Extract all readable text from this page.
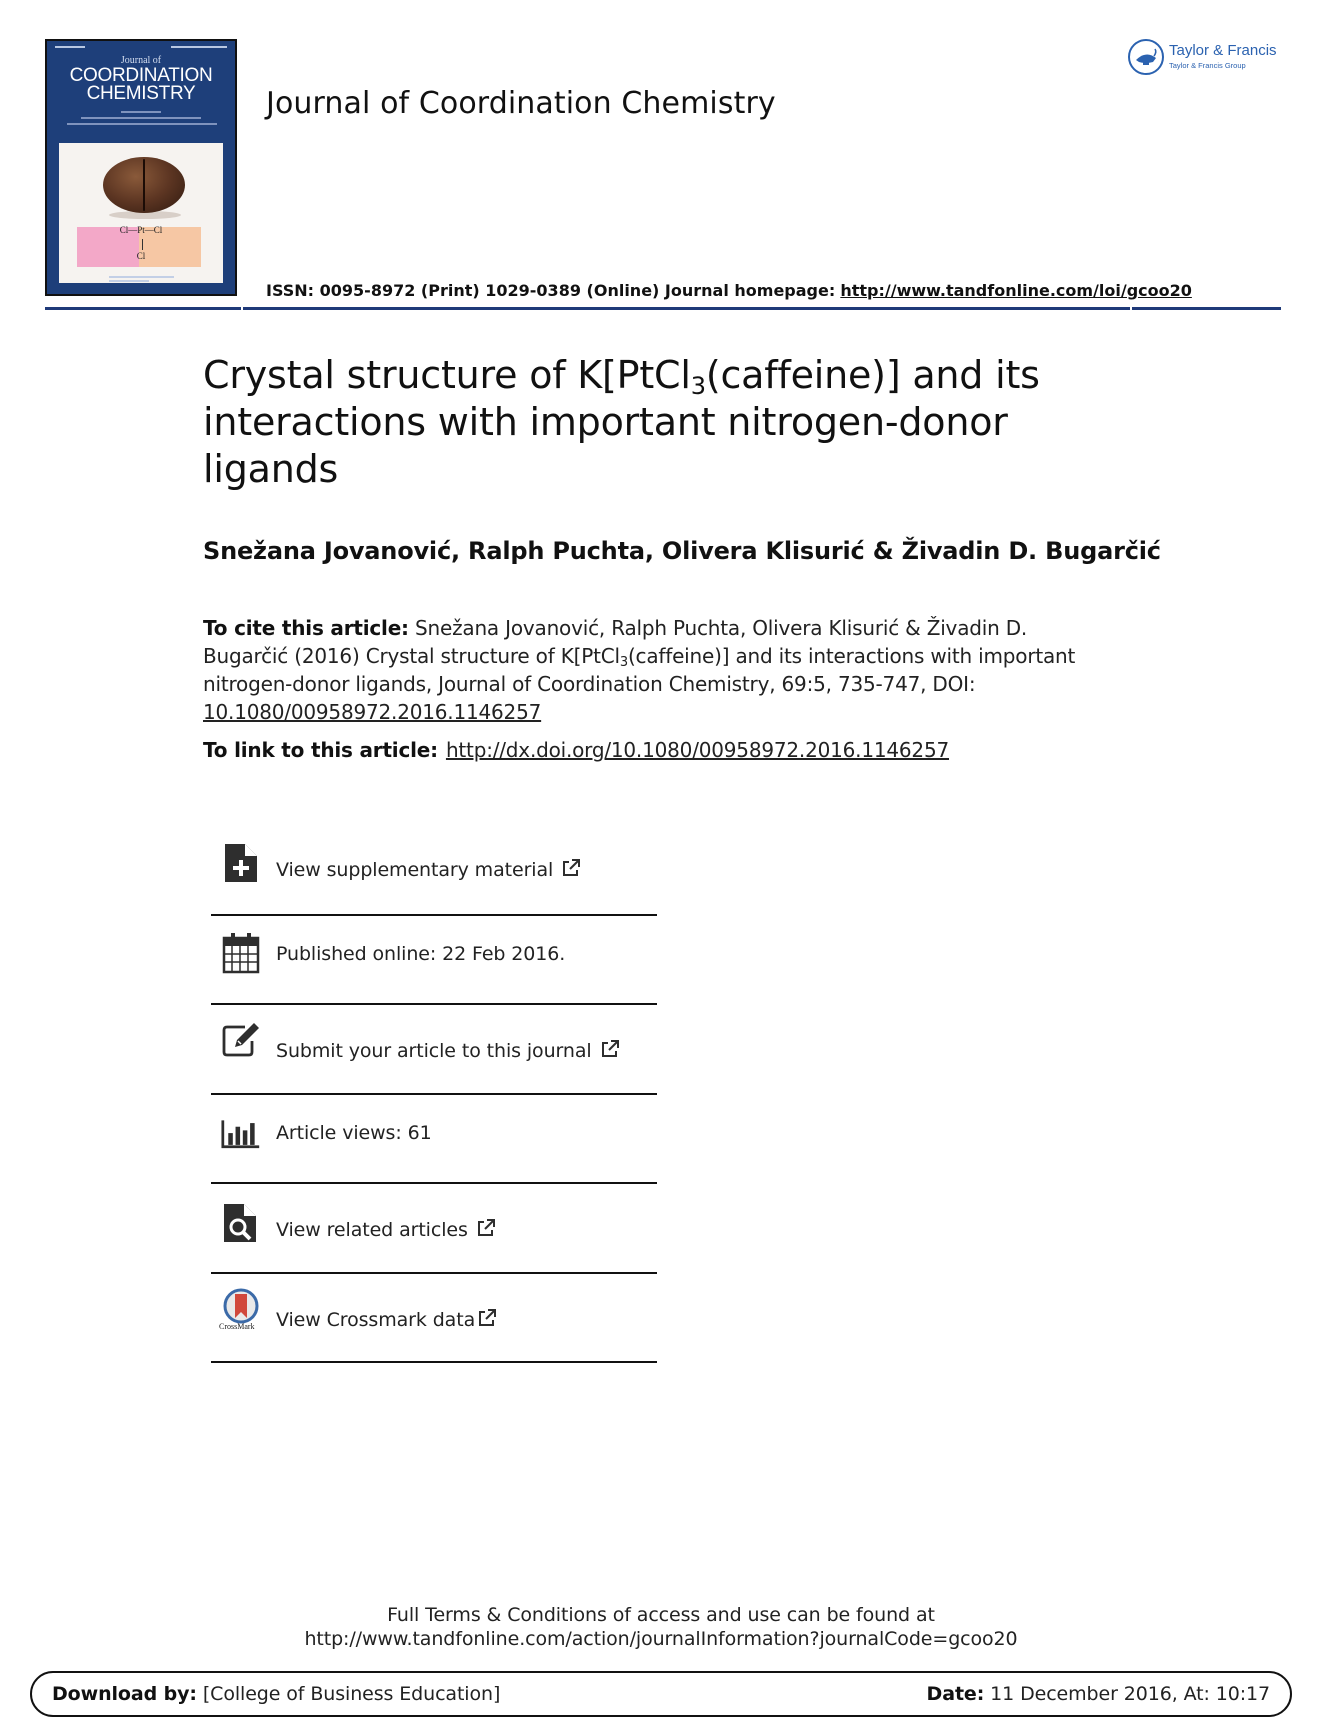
Journal of
COORDINATION
CHEMISTRY
Cl—Pt—Cl
Cl
Journal of Coordination Chemistry
Taylor & Francis
Taylor & Francis Group
ISSN: 0095-8972 (Print) 1029-0389 (Online) Journal homepage: http://www.tandfonline.com/loi/gcoo20
Crystal structure of K[PtCl$_3$(caffeine)] and its interactions with important nitrogen-donor ligands
Snežana Jovanović, Ralph Puchta, Olivera Klisurić & Živadin D. Bugarčić
To cite this article: Snežana Jovanović, Ralph Puchta, Olivera Klisurić & Živadin D. Bugarčić (2016) Crystal structure of K[PtCl$_3$(caffeine)] and its interactions with important nitrogen-donor ligands, Journal of Coordination Chemistry, 69:5, 735-747, DOI:
10.1080/00958972.2016.1146257
To link to this article: http://dx.doi.org/10.1080/00958972.2016.1146257
View supplementary material
Published online: 22 Feb 2016.
Submit your article to this journal
Article views: 61
View related articles
CrossMark View Crossmark data
Full Terms & Conditions of access and use can be found at
http://www.tandfonline.com/action/journalInformation?journalCode=gcoo20
Download by: [College of Business Education]	Date: 11 December 2016, At: 10:17
